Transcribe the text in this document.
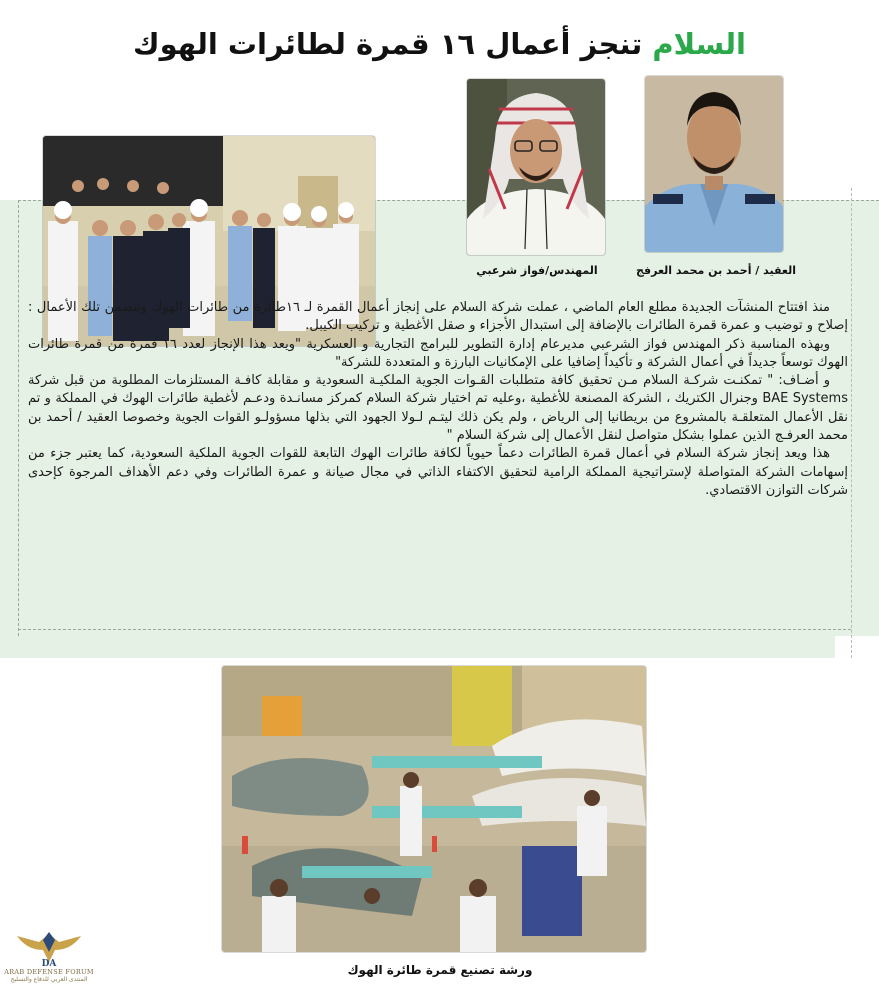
السلام تنجز أعمال ١٦ قمرة لطائرات الهوك
العقيد / أحمد بن محمد العرفج
المهندس/فواز شرعبي

منذ افتتاح المنشآت الجديدة مطلع العام الماضي ، عملت شركة السلام على إنجاز أعمال القمرة لـ ١٦طائرة من طائرات الهوك وتتضمن تلك الأعمال : إصلاح و توضيب و عمرة قمرة الطائرات بالإضافة إلى استبدال الأجزاء و صقل الأغطية و تركيب الكيبل.

وبهذه المناسبة ذكر المهندس فواز الشرعبي مديرعام إدارة التطوير للبرامج التجارية و العسكرية "ويعد هذا الإنجاز لعدد ١٦ قمرة من قمرة طائرات الهوك توسعاً جديداً في أعمال الشركة و تأكيداً إضافيا على الإمكانيات البارزة و المتعددة للشركة"

و أضـاف: " تمكنـت شركـة السلام مـن تحقيق كافة متطلبات القـوات الجوية الملكيـة السعودية و مقابلة كافـة المستلزمات المطلوبة من قبل شركة BAE Systems وجنرال الكتريك ، الشركة المصنعة للأغطية ،وعليه تم اختيار شركة السلام كمركز مسانـدة ودعـم لأغطية طائرات الهوك في المملكة و تم نقل الأعمال المتعلقـة بالمشروع من بريطانيا إلى الرياض ، ولم يكن ذلك ليتـم لـولا الجهود التي بذلها مسؤولـو القوات الجوية وخصوصا العقيد / أحمد بن محمد العرفـج الذين عملوا بشكل متواصل لنقل الأعمال إلى شركة السلام "

هذا ويعد إنجاز شركة السلام في أعمال قمرة الطائرات دعماً حيوياً لكافة طائرات الهوك التابعة للقوات الجوية الملكية السعودية، كما يعتبر جزء من إسهامات الشركة المتواصلة لإستراتيجية المملكة الرامية لتحقيق الاكتفاء الذاتي في مجال صيانة و عمرة الطائرات وفي دعم الأهداف المرجوة كإحدى شركات التوازن الاقتصادي.

ورشة تصنيع قمرة طائرة الهوك
DA
ARAB DEFENSE FORUM
المنتدى العربي للدفاع والتسليح
